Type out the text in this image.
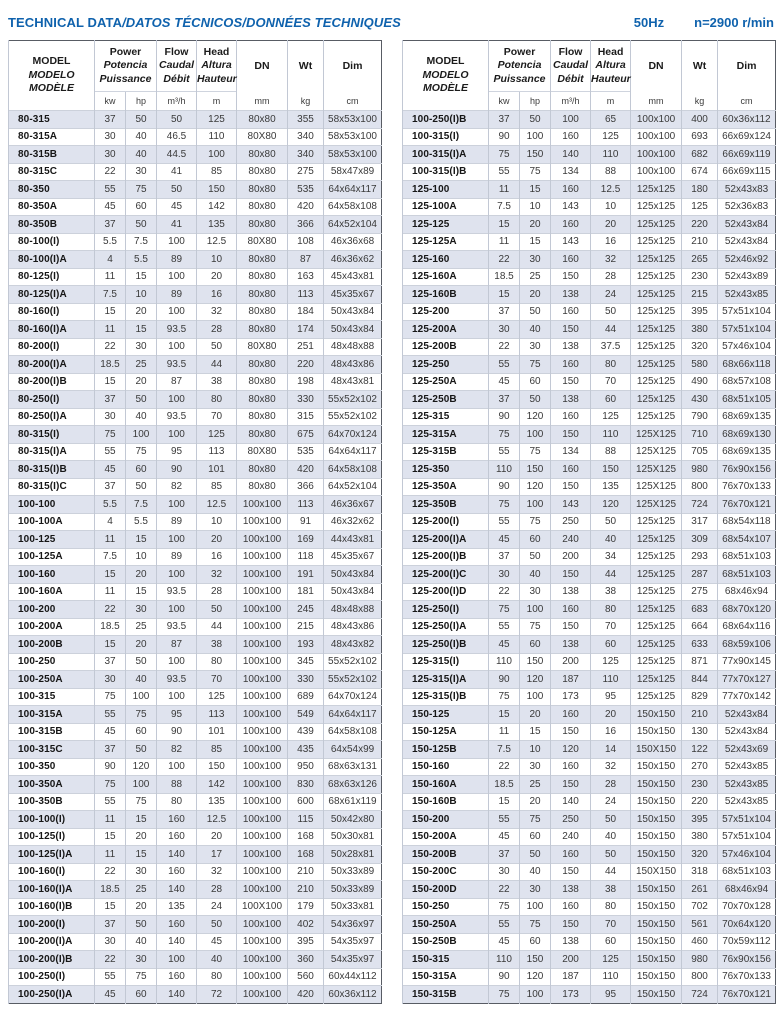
TECHNICAL DATA/DATOS TÉCNICOS/DONNÉES TECHNIQUES	50Hz n=2900 r/min
MODEL
MODELO
MODÈLE	Power
Potencia
Puissance		Flow
Caudal
Débit	Head
Altura
Hauteur	DN	Wt	Dim

	kw	hp	m³/h	m	mm	kg	cm
80-315	37	50	50	125	80x80	355	58x53x100
80-315A	30	40	46.5	110	80X80	340	58x53x100
80-315B	30	40	44.5	100	80x80	340	58x53x100
80-315C	22	30	41	85	80x80	275	58x47x89
80-350	55	75	50	150	80x80	535	64x64x117
80-350A	45	60	45	142	80x80	420	64x58x108
80-350B	37	50	41	135	80x80	366	64x52x104
80-100(I)	5.5	7.5	100	12.5	80X80	108	46x36x68
80-100(I)A	4	5.5	89	10	80x80	87	46x36x62
80-125(I)	11	15	100	20	80x80	163	45x43x81
80-125(I)A	7.5	10	89	16	80x80	113	45x35x67
80-160(I)	15	20	100	32	80x80	184	50x43x84
80-160(I)A	11	15	93.5	28	80x80	174	50x43x84
80-200(I)	22	30	100	50	80X80	251	48x48x88
80-200(I)A	18.5	25	93.5	44	80x80	220	48x43x86
80-200(I)B	15	20	87	38	80x80	198	48x43x81
80-250(I)	37	50	100	80	80x80	330	55x52x102
80-250(I)A	30	40	93.5	70	80x80	315	55x52x102
80-315(I)	75	100	100	125	80x80	675	64x70x124
80-315(I)A	55	75	95	113	80X80	535	64x64x117
80-315(I)B	45	60	90	101	80x80	420	64x58x108
80-315(I)C	37	50	82	85	80x80	366	64x52x104
100-100	5.5	7.5	100	12.5	100x100	113	46x36x67
100-100A	4	5.5	89	10	100x100	91	46x32x62
100-125	11	15	100	20	100x100	169	44x43x81
100-125A	7.5	10	89	16	100x100	118	45x35x67
100-160	15	20	100	32	100x100	191	50x43x84
100-160A	11	15	93.5	28	100x100	181	50x43x84
100-200	22	30	100	50	100x100	245	48x48x88
100-200A	18.5	25	93.5	44	100x100	215	48x43x86
100-200B	15	20	87	38	100x100	193	48x43x82
100-250	37	50	100	80	100x100	345	55x52x102
100-250A	30	40	93.5	70	100x100	330	55x52x102
100-315	75	100	100	125	100x100	689	64x70x124
100-315A	55	75	95	113	100x100	549	64x64x117
100-315B	45	60	90	101	100x100	439	64x58x108
100-315C	37	50	82	85	100x100	435	64x54x99
100-350	90	120	100	150	100x100	950	68x63x131
100-350A	75	100	88	142	100x100	830	68x63x126
100-350B	55	75	80	135	100x100	600	68x61x119
100-100(I)	11	15	160	12.5	100x100	115	50x42x80
100-125(I)	15	20	160	20	100x100	168	50x30x81
100-125(I)A	11	15	140	17	100x100	168	50x28x81
100-160(I)	22	30	160	32	100x100	210	50x33x89
100-160(I)A	18.5	25	140	28	100x100	210	50x33x89
100-160(I)B	15	20	135	24	100X100	179	50x33x81
100-200(I)	37	50	160	50	100x100	402	54x36x97
100-200(I)A	30	40	140	45	100x100	395	54x35x97
100-200(I)B	22	30	100	40	100x100	360	54x35x97
100-250(I)	55	75	160	80	100x100	560	60x44x112
100-250(I)A	45	60	140	72	100x100	420	60x36x112
MODEL
MODELO
MODÈLE	Power
Potencia
Puissance		Flow
Caudal
Débit	Head
Altura
Hauteur	DN	Wt	Dim

	kw	hp	m³/h	m	mm	kg	cm
100-250(I)B	37	50	100	65	100x100	400	60x36x112
100-315(I)	90	100	160	125	100x100	693	66x69x124
100-315(I)A	75	150	140	110	100x100	682	66x69x119
100-315(I)B	55	75	134	88	100x100	674	66x69x115
125-100	11	15	160	12.5	125x125	180	52x43x83
125-100A	7.5	10	143	10	125x125	125	52x36x83
125-125	15	20	160	20	125x125	220	52x43x84
125-125A	11	15	143	16	125x125	210	52x43x84
125-160	22	30	160	32	125x125	265	52x46x92
125-160A	18.5	25	150	28	125x125	230	52x43x89
125-160B	15	20	138	24	125x125	215	52x43x85
125-200	37	50	160	50	125x125	395	57x51x104
125-200A	30	40	150	44	125x125	380	57x51x104
125-200B	22	30	138	37.5	125x125	320	57x46x104
125-250	55	75	160	80	125x125	580	68x66x118
125-250A	45	60	150	70	125x125	490	68x57x108
125-250B	37	50	138	60	125x125	430	68x51x105
125-315	90	120	160	125	125x125	790	68x69x135
125-315A	75	100	150	110	125X125	710	68x69x130
125-315B	55	75	134	88	125X125	705	68x69x135
125-350	110	150	160	150	125X125	980	76x90x156
125-350A	90	120	150	135	125X125	800	76x70x133
125-350B	75	100	143	120	125X125	724	76x70x121
125-200(I)	55	75	250	50	125x125	317	68x54x118
125-200(I)A	45	60	240	40	125x125	309	68x54x107
125-200(I)B	37	50	200	34	125x125	293	68x51x103
125-200(I)C	30	40	150	44	125x125	287	68x51x103
125-200(I)D	22	30	138	38	125x125	275	68x46x94
125-250(I)	75	100	160	80	125x125	683	68x70x120
125-250(I)A	55	75	150	70	125x125	664	68x64x116
125-250(I)B	45	60	138	60	125x125	633	68x59x106
125-315(I)	110	150	200	125	125x125	871	77x90x145
125-315(I)A	90	120	187	110	125x125	844	77x70x127
125-315(I)B	75	100	173	95	125x125	829	77x70x142
150-125	15	20	160	20	150x150	210	52x43x84
150-125A	11	15	150	16	150x150	130	52x43x84
150-125B	7.5	10	120	14	150X150	122	52x43x69
150-160	22	30	160	32	150x150	270	52x43x85
150-160A	18.5	25	150	28	150x150	230	52x43x85
150-160B	15	20	140	24	150x150	220	52x43x85
150-200	55	75	250	50	150x150	395	57x51x104
150-200A	45	60	240	40	150x150	380	57x51x104
150-200B	37	50	160	50	150x150	320	57x46x104
150-200C	30	40	150	44	150X150	318	68x51x103
150-200D	22	30	138	38	150x150	261	68x46x94
150-250	75	100	160	80	150x150	702	70x70x128
150-250A	55	75	150	70	150x150	561	70x64x120
150-250B	45	60	138	60	150x150	460	70x59x112
150-315	110	150	200	125	150x150	980	76x90x156
150-315A	90	120	187	110	150x150	800	76x70x133
150-315B	75	100	173	95	150x150	724	76x70x121
